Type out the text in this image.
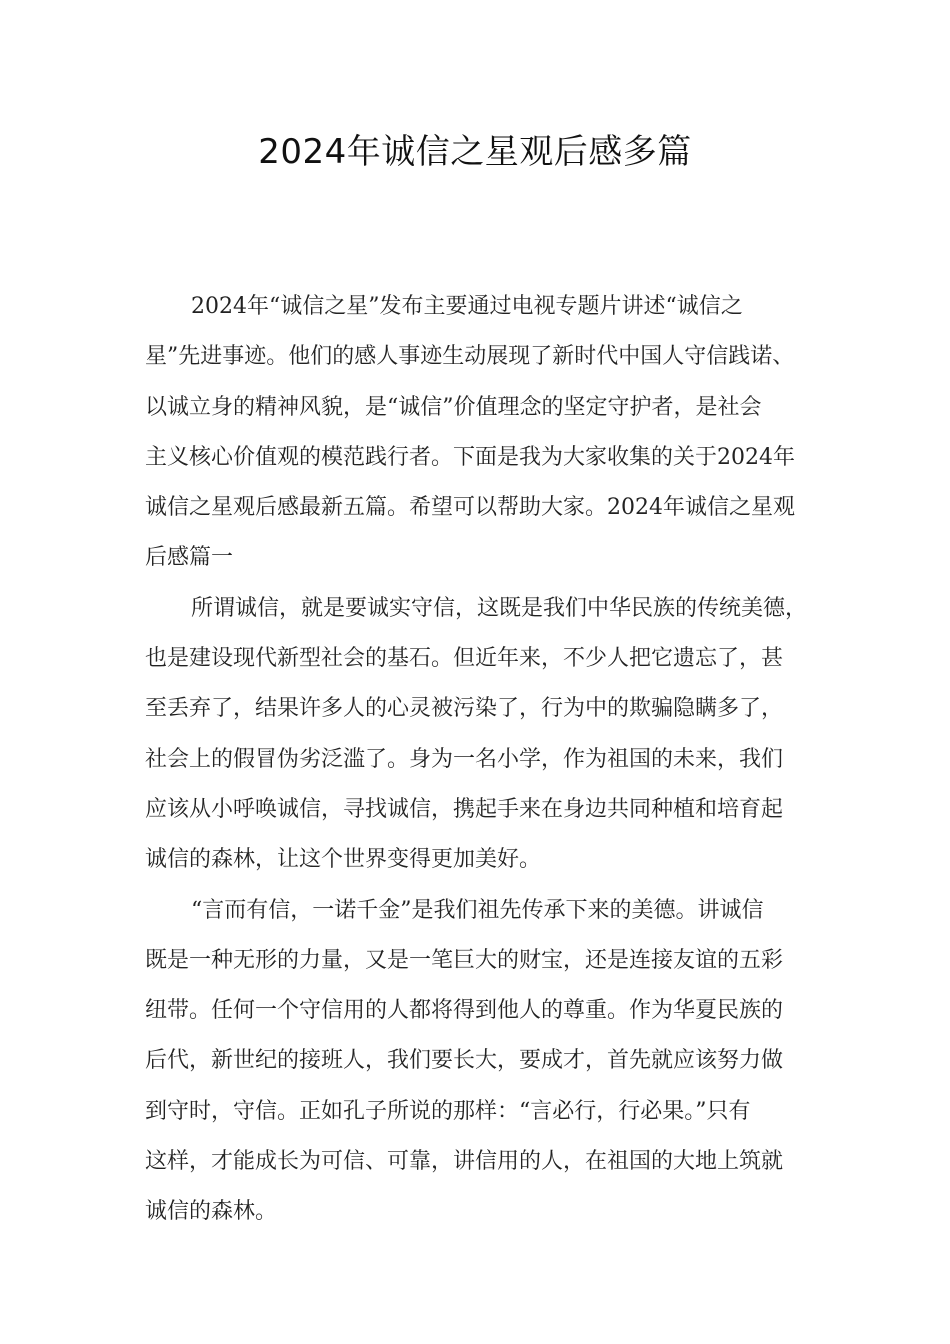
2024年诚信之星观后感多篇
2024年“诚信之星”发布主要通过电视专题片讲述“诚信之
星”先进事迹。他们的感人事迹生动展现了新时代中国人守信践诺、
以诚立身的精神风貌，是“诚信”价值理念的坚定守护者，是社会
主义核心价值观的模范践行者。下面是我为大家收集的关于2024年
诚信之星观后感最新五篇。希望可以帮助大家。2024年诚信之星观
后感篇一
所谓诚信，就是要诚实守信，这既是我们中华民族的传统美德，
也是建设现代新型社会的基石。但近年来，不少人把它遗忘了，甚
至丢弃了，结果许多人的心灵被污染了，行为中的欺骗隐瞒多了，
社会上的假冒伪劣泛滥了。身为一名小学，作为祖国的未来，我们
应该从小呼唤诚信，寻找诚信，携起手来在身边共同种植和培育起
诚信的森林，让这个世界变得更加美好。
“言而有信，一诺千金”是我们祖先传承下来的美德。讲诚信
既是一种无形的力量，又是一笔巨大的财宝，还是连接友谊的五彩
纽带。任何一个守信用的人都将得到他人的尊重。作为华夏民族的
后代，新世纪的接班人，我们要长大，要成才，首先就应该努力做
到守时，守信。正如孔子所说的那样：“言必行，行必果。”只有
这样，才能成长为可信、可靠，讲信用的人，在祖国的大地上筑就
诚信的森林。
